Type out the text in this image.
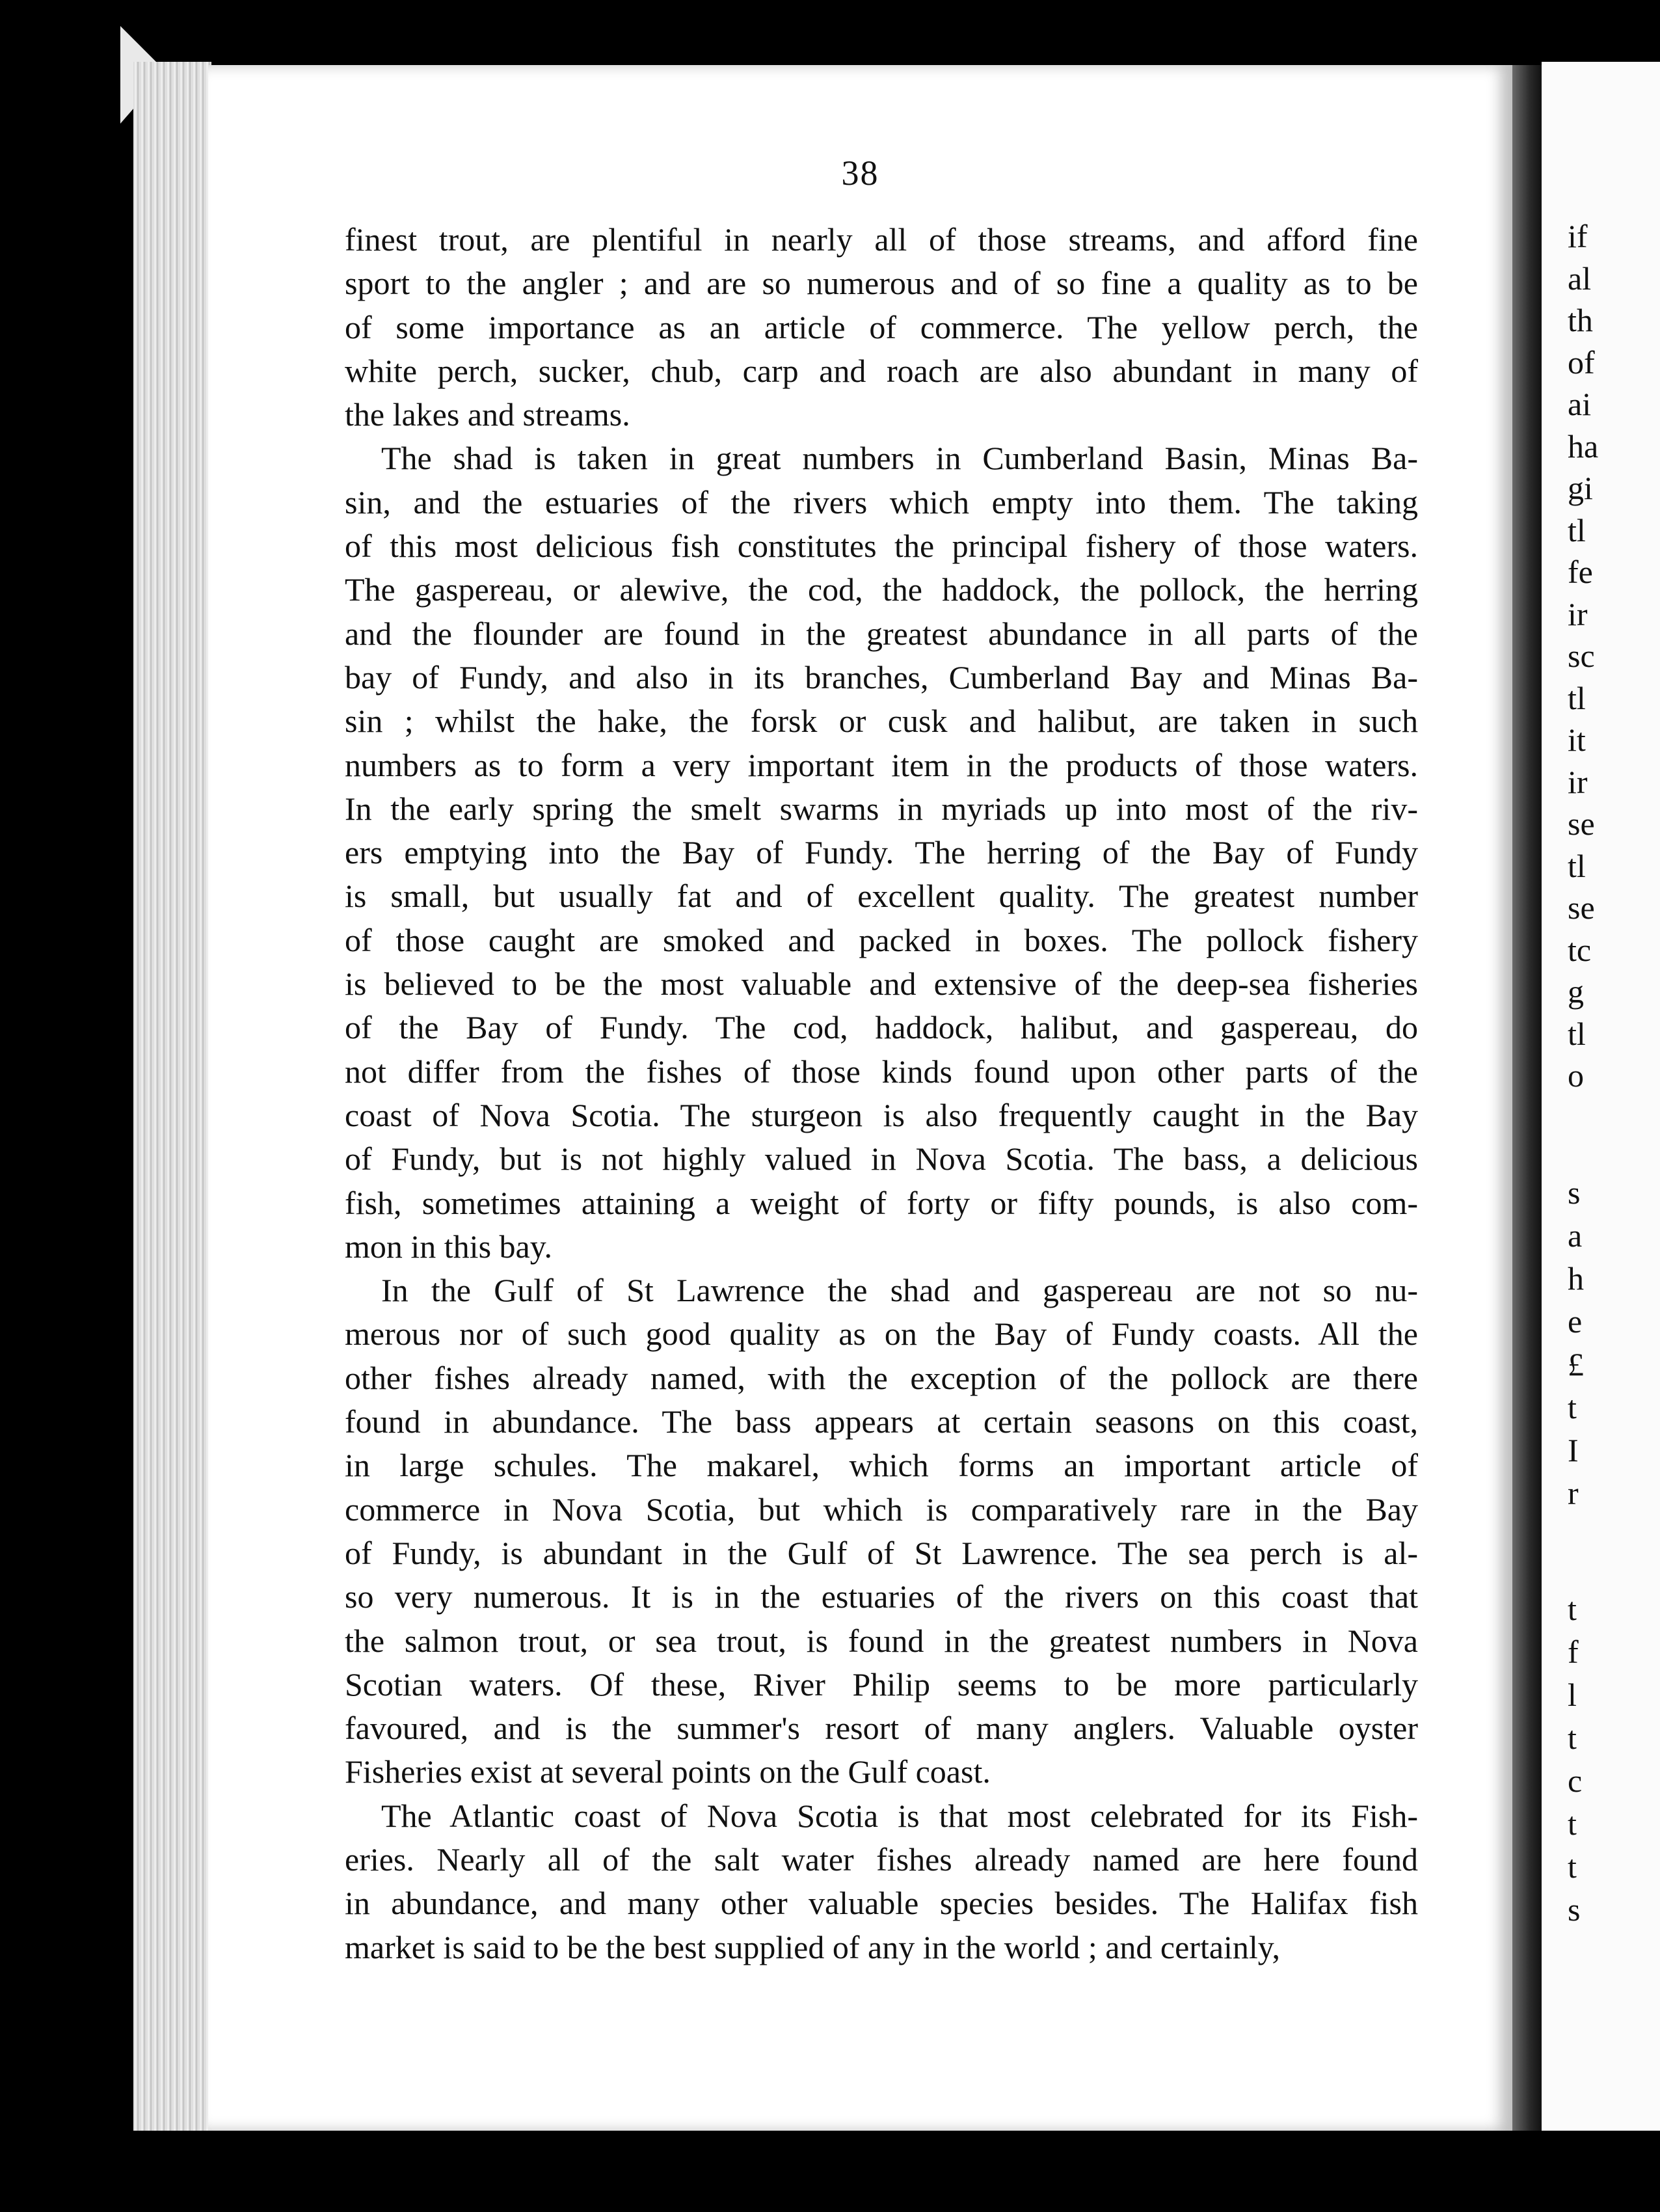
38
finest trout, are plentiful in nearly all of those streams, and afford fine
sport to the angler ; and are so numerous and of so fine a quality as to be
of some importance as an article of commerce. The yellow perch, the
white perch, sucker, chub, carp and roach are also abundant in many of
the lakes and streams.
The shad is taken in great numbers in Cumberland Basin, Minas Ba-
sin, and the estuaries of the rivers which empty into them. The taking
of this most delicious fish constitutes the principal fishery of those waters.
The gaspereau, or alewive, the cod, the haddock, the pollock, the herring
and the flounder are found in the greatest abundance in all parts of the
bay of Fundy, and also in its branches, Cumberland Bay and Minas Ba-
sin ; whilst the hake, the forsk or cusk and halibut, are taken in such
numbers as to form a very important item in the products of those waters.
In the early spring the smelt swarms in myriads up into most of the riv-
ers emptying into the Bay of Fundy. The herring of the Bay of Fundy
is small, but usually fat and of excellent quality. The greatest number
of those caught are smoked and packed in boxes. The pollock fishery
is believed to be the most valuable and extensive of the deep-sea fisheries
of the Bay of Fundy. The cod, haddock, halibut, and gaspereau, do
not differ from the fishes of those kinds found upon other parts of the
coast of Nova Scotia. The sturgeon is also frequently caught in the Bay
of Fundy, but is not highly valued in Nova Scotia. The bass, a delicious
fish, sometimes attaining a weight of forty or fifty pounds, is also com-
mon in this bay.
In the Gulf of St Lawrence the shad and gaspereau are not so nu-
merous nor of such good quality as on the Bay of Fundy coasts. All the
other fishes already named, with the exception of the pollock are there
found in abundance. The bass appears at certain seasons on this coast,
in large schules. The makarel, which forms an important article of
commerce in Nova Scotia, but which is comparatively rare in the Bay
of Fundy, is abundant in the Gulf of St Lawrence. The sea perch is al-
so very numerous. It is in the estuaries of the rivers on this coast that
the salmon trout, or sea trout, is found in the greatest numbers in Nova
Scotian waters. Of these, River Philip seems to be more particularly
favoured, and is the summer's resort of many anglers. Valuable oyster
Fisheries exist at several points on the Gulf coast.
The Atlantic coast of Nova Scotia is that most celebrated for its Fish-
eries. Nearly all of the salt water fishes already named are here found
in abundance, and many other valuable species besides. The Halifax fish
market is said to be the best supplied of any in the world ; and certainly,
if
al
th
of
ai
ha
gi
tl
fe
ir
sc
tl
it
ir
se
tl
se
tc
g
tl
o
s
a
h
e
£
t
I
r
t
f
l
t
c
t
t
s
